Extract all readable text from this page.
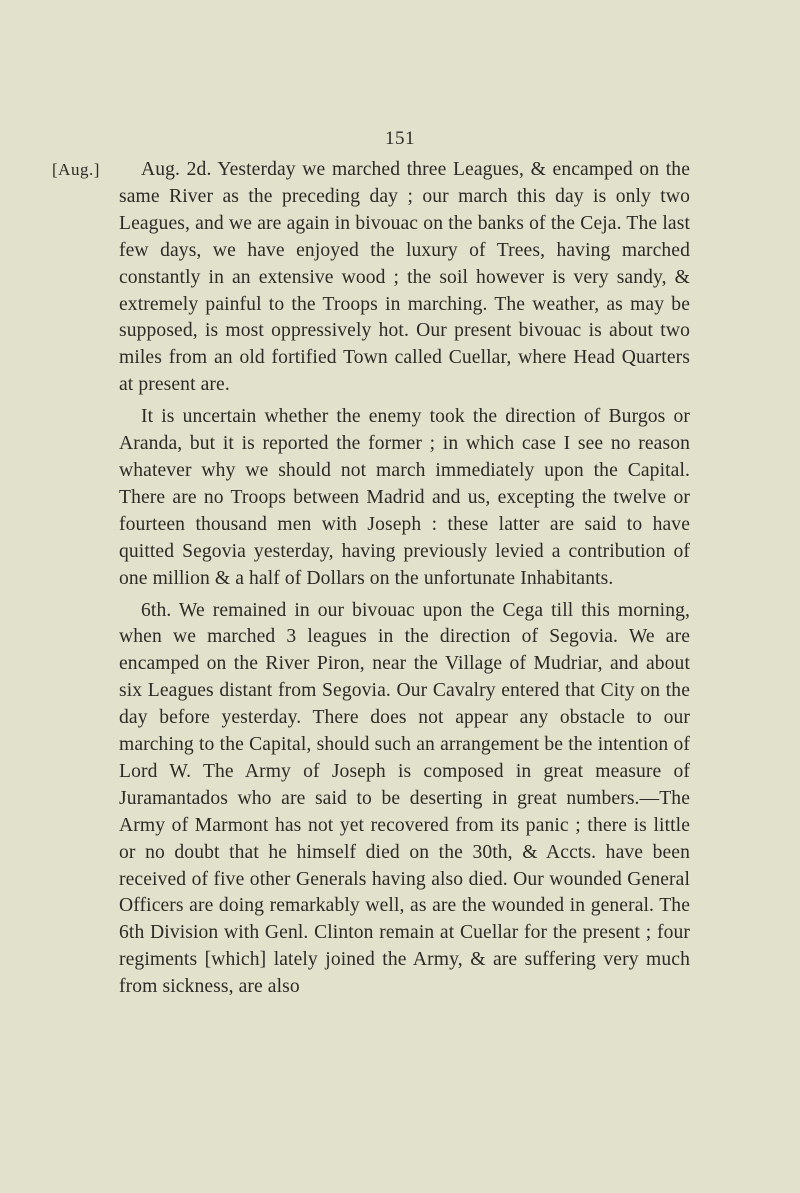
151
[Aug.]	Aug. 2d. Yesterday we marched three Leagues, & encamped on the same River as the preceding day ; our march this day is only two Leagues, and we are again in bivouac on the banks of the Ceja. The last few days, we have enjoyed the luxury of Trees, having marched constantly in an extensive wood ; the soil however is very sandy, & extremely painful to the Troops in marching. The weather, as may be supposed, is most oppressively hot. Our present bivouac is about two miles from an old fortified Town called Cuellar, where Head Quarters at present are.

It is uncertain whether the enemy took the direction of Burgos or Aranda, but it is reported the former ; in which case I see no reason whatever why we should not march immediately upon the Capital. There are no Troops between Madrid and us, excepting the twelve or fourteen thousand men with Joseph : these latter are said to have quitted Segovia yesterday, having previously levied a contribution of one million & a half of Dollars on the unfortunate Inhabitants.

6th. We remained in our bivouac upon the Cega till this morning, when we marched 3 leagues in the direction of Segovia. We are encamped on the River Piron, near the Village of Mudriar, and about six Leagues distant from Segovia. Our Cavalry entered that City on the day before yesterday. There does not appear any obstacle to our marching to the Capital, should such an arrangement be the intention of Lord W. The Army of Joseph is composed in great measure of Juramantados who are said to be deserting in great numbers.—The Army of Marmont has not yet recovered from its panic ; there is little or no doubt that he himself died on the 30th, & Accts. have been received of five other Generals having also died. Our wounded General Officers are doing remarkably well, as are the wounded in general. The 6th Division with Genl. Clinton remain at Cuellar for the present ; four regiments [which] lately joined the Army, & are suffering very much from sickness, are also
